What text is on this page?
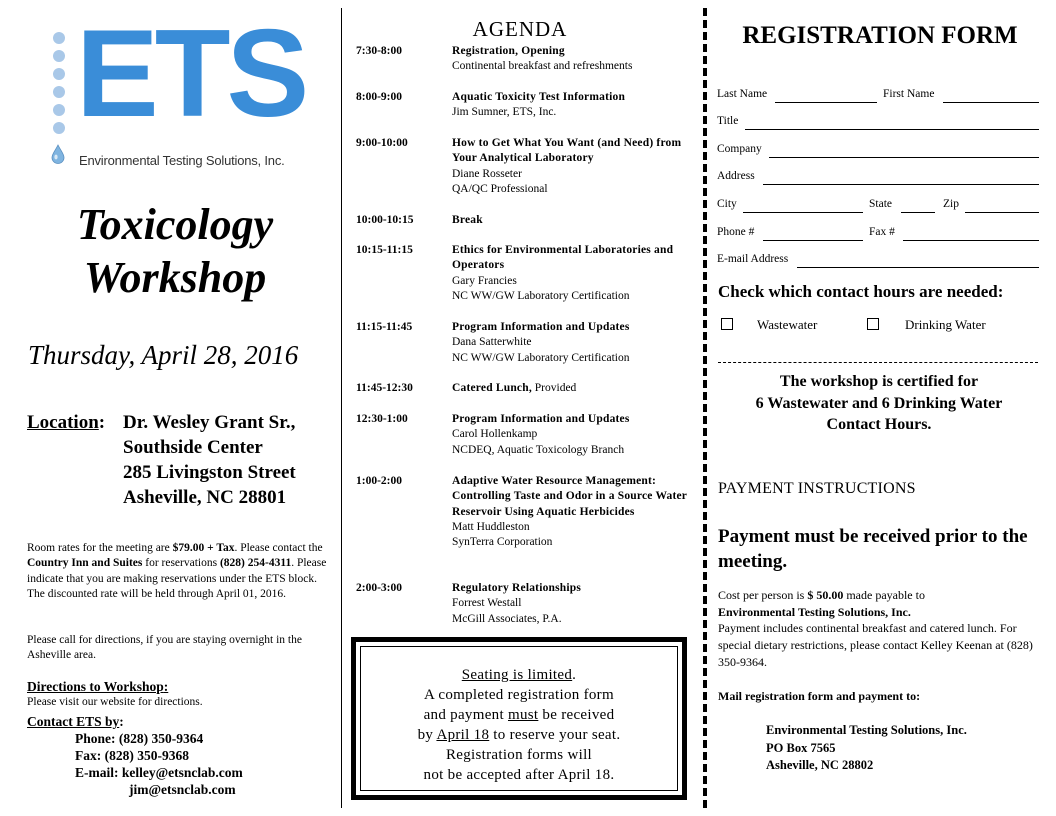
ETS
Environmental Testing Solutions, Inc.
Toxicology
Workshop
Thursday, April 28, 2016
Location: Dr. Wesley Grant Sr.,
Southside Center
285 Livingston Street
Asheville, NC 28801
Room rates for the meeting are $79.00 + Tax. Please contact the Country Inn and Suites for reservations (828) 254-4311. Please indicate that you are making reservations under the ETS block. The discounted rate will be held through April 01, 2016.
Please call for directions, if you are staying overnight in the Asheville area.
Directions to Workshop:
Please visit our website for directions.
Contact ETS by:
Phone: (828) 350-9364
Fax: (828) 350-9368
E-mail: kelley@etsnclab.com
jim@etsnclab.com
AGENDA
7:30-8:00	Registration, Opening
Continental breakfast and refreshments
8:00-9:00	Aquatic Toxicity Test Information
Jim Sumner, ETS, Inc.
9:00-10:00	How to Get What You Want (and Need) from Your Analytical Laboratory
Diane Rosseter
QA/QC Professional
10:00-10:15	Break
10:15-11:15	Ethics for Environmental Laboratories and Operators
Gary Francies
NC WW/GW Laboratory Certification
11:15-11:45	Program Information and Updates
Dana Satterwhite
NC WW/GW Laboratory Certification
11:45-12:30	Catered Lunch, Provided
12:30-1:00	Program Information and Updates
Carol Hollenkamp
NCDEQ, Aquatic Toxicology Branch
1:00-2:00	Adaptive Water Resource Management: Controlling Taste and Odor in a Source Water Reservoir Using Aquatic Herbicides
Matt Huddleston
SynTerra Corporation
2:00-3:00	Regulatory Relationships
Forrest Westall
McGill Associates, P.A.
Seating is limited.
A completed registration form
and payment must be received
by April 18 to reserve your seat.
Registration forms will
not be accepted after April 18.
REGISTRATION FORM
Last Name	First Name
Title
Company
Address
City	State	Zip
Phone #	Fax #
E-mail Address
Check which contact hours are needed:
Wastewater	Drinking Water
The workshop is certified for
6 Wastewater and 6 Drinking Water
Contact Hours.
PAYMENT INSTRUCTIONS
Payment must be received prior to the meeting.
Cost per person is $ 50.00 made payable to
Environmental Testing Solutions, Inc.
Payment includes continental breakfast and catered lunch. For special dietary restrictions, please contact Kelley Keenan at (828) 350-9364.
Mail registration form and payment to:
Environmental Testing Solutions, Inc.
PO Box 7565
Asheville, NC 28802
